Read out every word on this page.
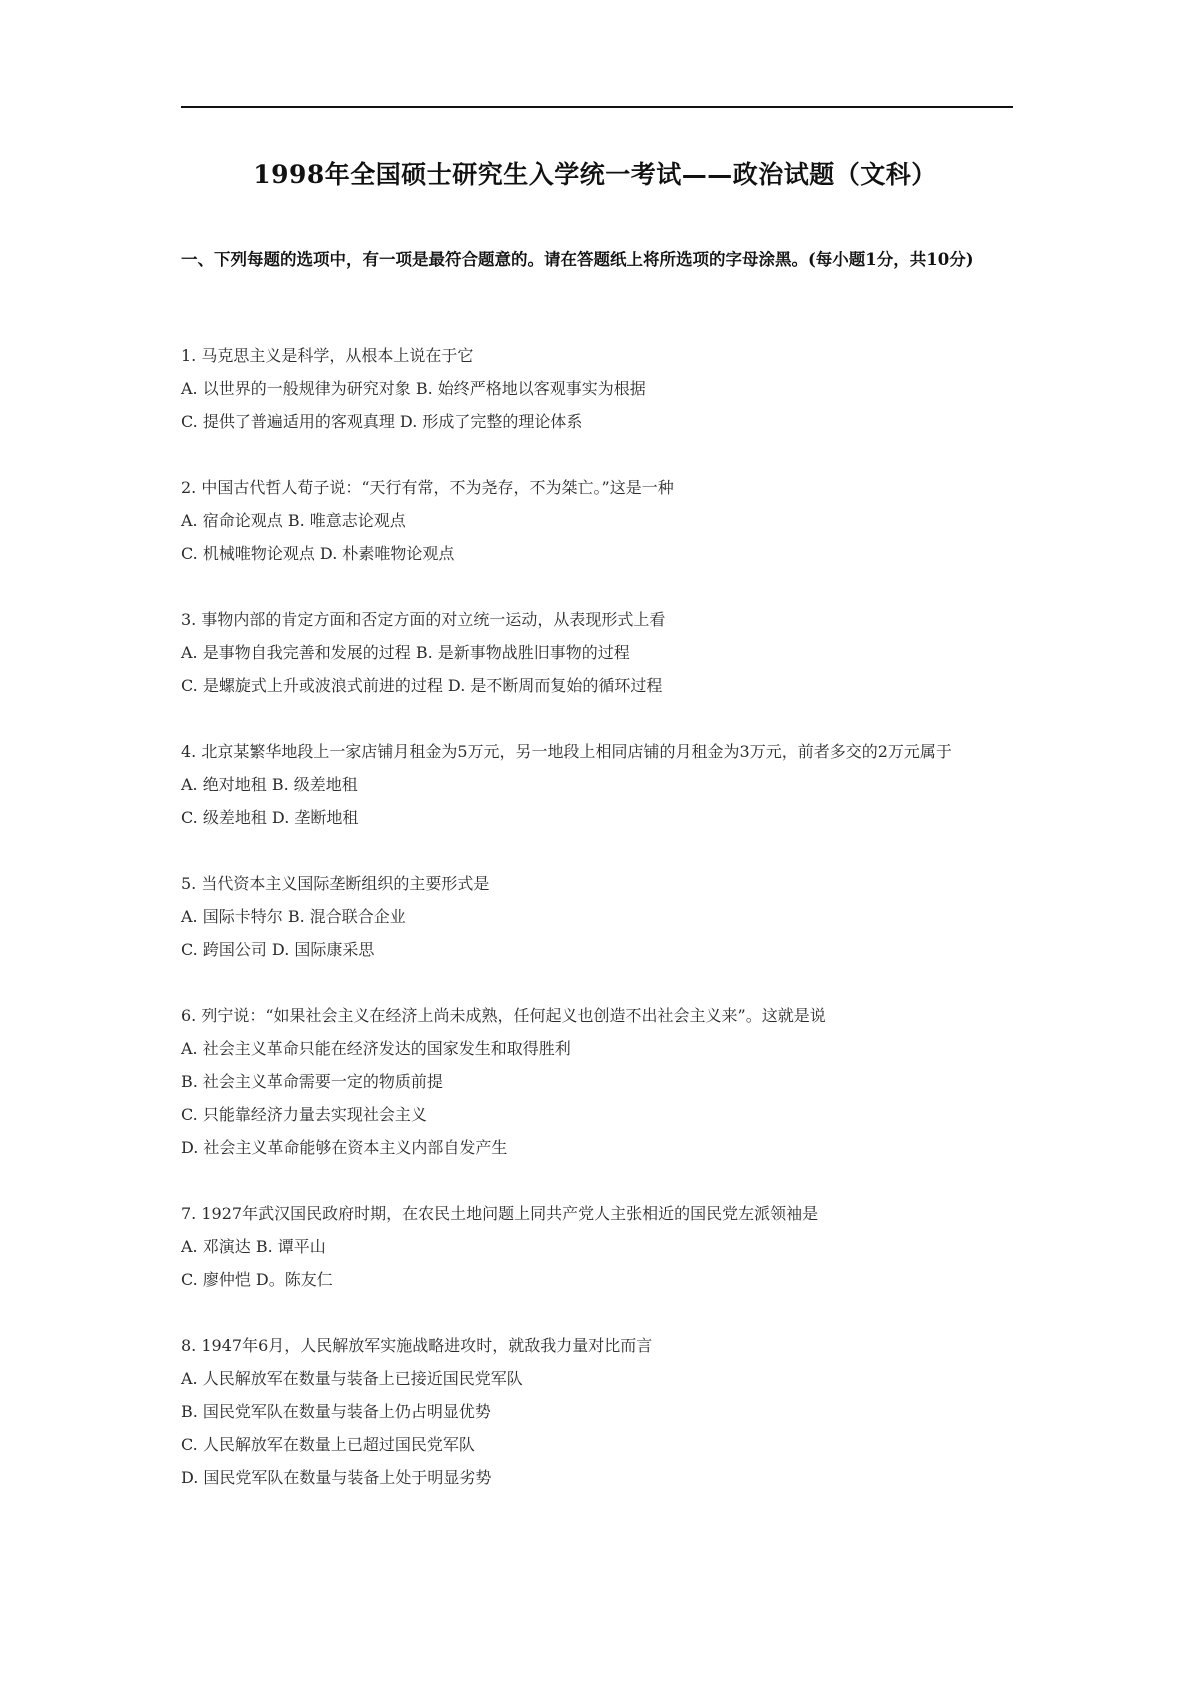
1998年全国硕士研究生入学统一考试——政治试题（文科）
一、下列每题的选项中，有一项是最符合题意的。请在答题纸上将所选项的字母涂黑。(每小题1分，共10分)
1. 马克思主义是科学，从根本上说在于它
A. 以世界的一般规律为研究对象 B. 始终严格地以客观事实为根据
C. 提供了普遍适用的客观真理 D. 形成了完整的理论体系
2. 中国古代哲人荀子说：“天行有常，不为尧存，不为桀亡。”这是一种
A. 宿命论观点 B. 唯意志论观点
C. 机械唯物论观点 D. 朴素唯物论观点
3. 事物内部的肯定方面和否定方面的对立统一运动，从表现形式上看
A. 是事物自我完善和发展的过程 B. 是新事物战胜旧事物的过程
C. 是螺旋式上升或波浪式前进的过程 D. 是不断周而复始的循环过程
4. 北京某繁华地段上一家店铺月租金为5万元，另一地段上相同店铺的月租金为3万元，前者多交的2万元属于
A. 绝对地租 B. 级差地租
C. 级差地租 D. 垄断地租
5. 当代资本主义国际垄断组织的主要形式是
A. 国际卡特尔 B. 混合联合企业
C. 跨国公司 D. 国际康采思
6. 列宁说：“如果社会主义在经济上尚未成熟，任何起义也创造不出社会主义来”。这就是说
A. 社会主义革命只能在经济发达的国家发生和取得胜利
B. 社会主义革命需要一定的物质前提
C. 只能靠经济力量去实现社会主义
D. 社会主义革命能够在资本主义内部自发产生
7. 1927年武汉国民政府时期，在农民土地问题上同共产党人主张相近的国民党左派领袖是
A. 邓演达 B. 谭平山
C. 廖仲恺 D。陈友仁
8. 1947年6月，人民解放军实施战略进攻时，就敌我力量对比而言
A. 人民解放军在数量与装备上已接近国民党军队
B. 国民党军队在数量与装备上仍占明显优势
C. 人民解放军在数量上已超过国民党军队
D. 国民党军队在数量与装备上处于明显劣势
